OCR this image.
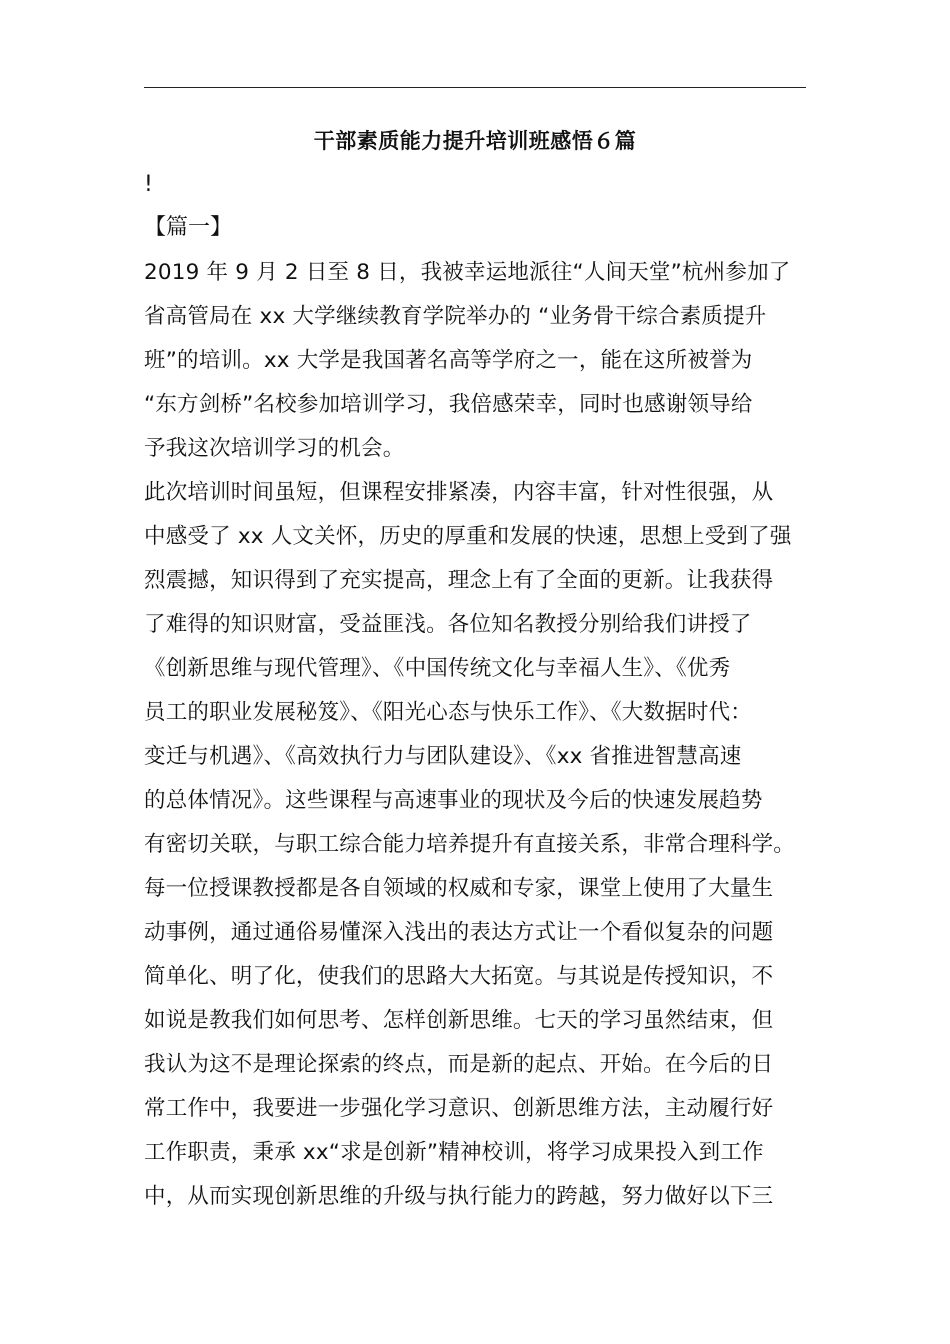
干部素质能力提升培训班感悟６篇
!
【篇一】
2019 年 9 月 2 日至 8 日，我被幸运地派往“人间天堂”杭州参加了
省高管局在 xx 大学继续教育学院举办的 “业务骨干综合素质提升
班”的培训。xx 大学是我国著名高等学府之一，能在这所被誉为
“东方剑桥”名校参加培训学习，我倍感荣幸，同时也感谢领导给
予我这次培训学习的机会。
此次培训时间虽短，但课程安排紧凑，内容丰富，针对性很强，从
中感受了 xx 人文关怀，历史的厚重和发展的快速，思想上受到了强
烈震撼，知识得到了充实提高，理念上有了全面的更新。让我获得
了难得的知识财富，受益匪浅。各位知名教授分别给我们讲授了
《创新思维与现代管理》、《中国传统文化与幸福人生》、《优秀
员工的职业发展秘笈》、《阳光心态与快乐工作》、《大数据时代：
变迁与机遇》、《高效执行力与团队建设》、《xx 省推进智慧高速
的总体情况》。这些课程与高速事业的现状及今后的快速发展趋势
有密切关联，与职工综合能力培养提升有直接关系，非常合理科学。
每一位授课教授都是各自领域的权威和专家，课堂上使用了大量生
动事例，通过通俗易懂深入浅出的表达方式让一个看似复杂的问题
简单化、明了化，使我们的思路大大拓宽。与其说是传授知识，不
如说是教我们如何思考、怎样创新思维。七天的学习虽然结束，但
我认为这不是理论探索的终点，而是新的起点、开始。在今后的日
常工作中，我要进一步强化学习意识、创新思维方法，主动履行好
工作职责，秉承 xx“求是创新”精神校训，将学习成果投入到工作
中，从而实现创新思维的升级与执行能力的跨越，努力做好以下三
